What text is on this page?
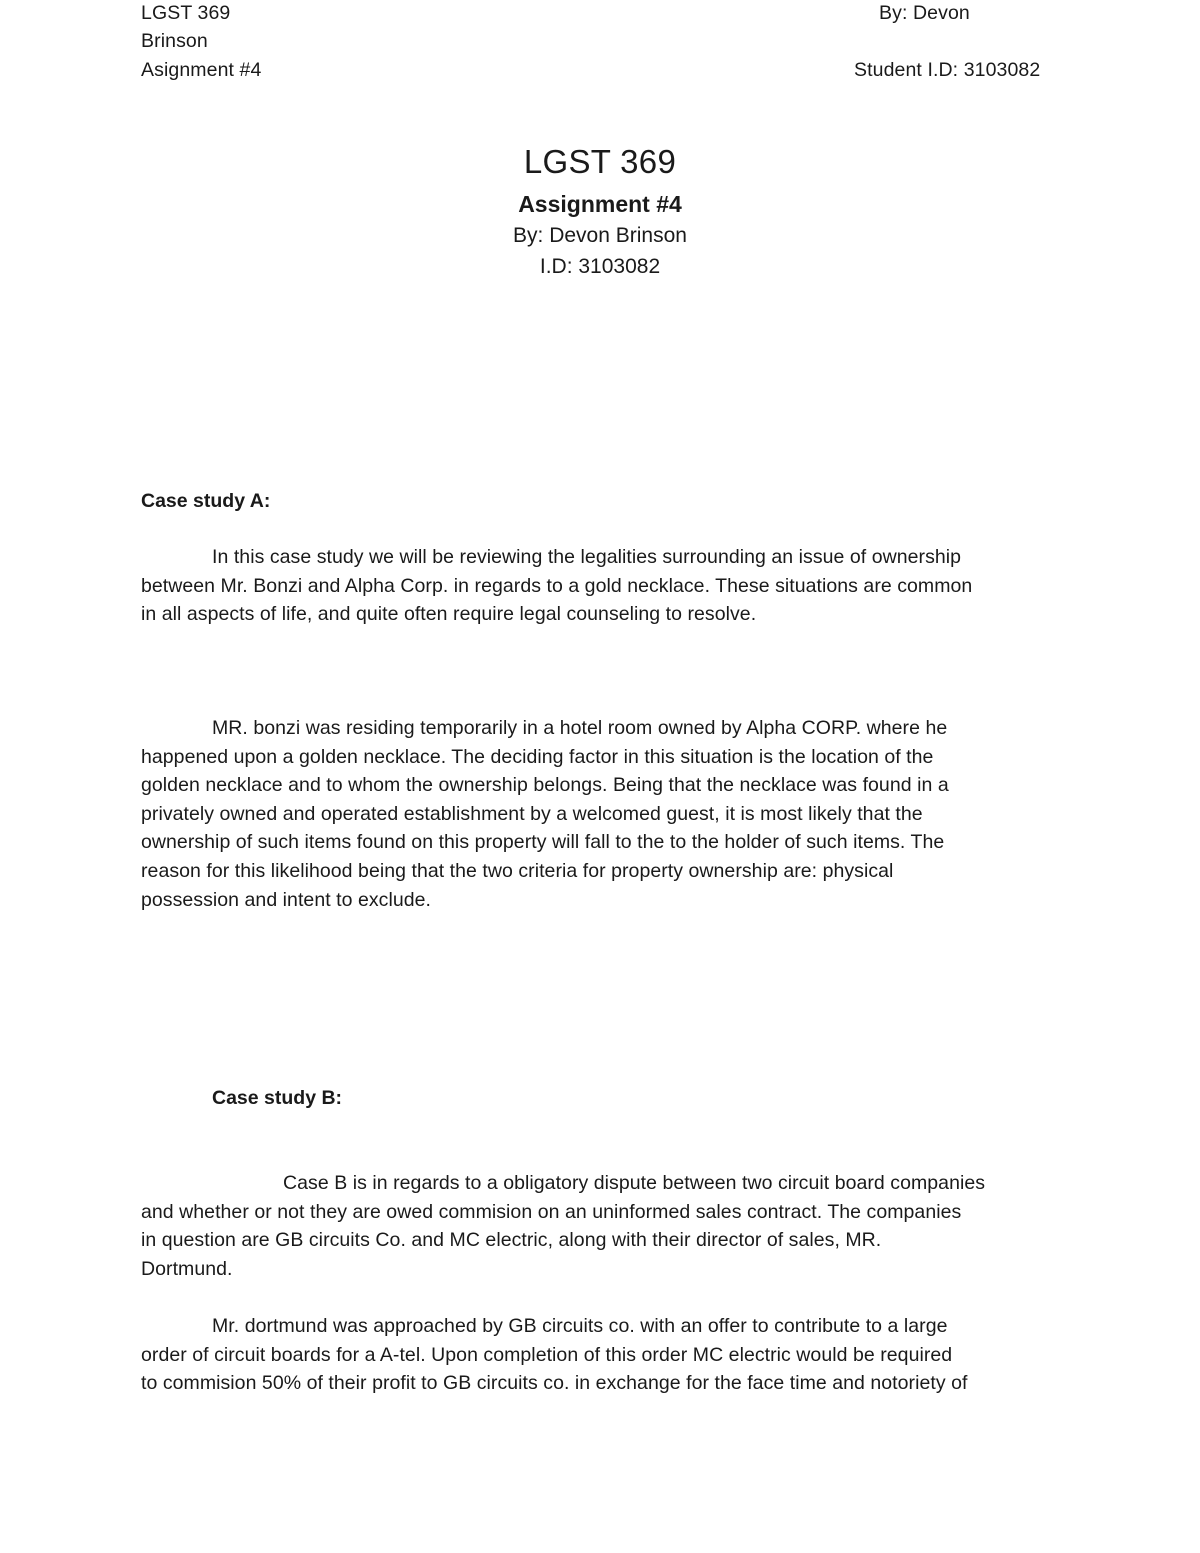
LGST 369	By: Devon
Brinson
Asignment #4	Student I.D: 3103082
LGST 369
Assignment #4
By: Devon Brinson
I.D: 3103082
Case study A:
In this case study we will be reviewing the legalities surrounding an issue of ownership
between Mr. Bonzi and Alpha Corp. in regards to a gold necklace. These situations are common
in all aspects of life, and quite often require legal counseling to resolve.
MR. bonzi was residing temporarily in a hotel room owned by Alpha CORP. where he
happened upon a golden necklace. The deciding factor in this situation is the location of the
golden necklace and to whom the ownership belongs. Being that the necklace was found in a
privately owned and operated establishment by a welcomed guest, it is most likely that the
ownership of such items found on this property will fall to the to the holder of such items. The
reason for this likelihood being that the two criteria for property ownership are: physical
possession and intent to exclude.
Case study B:
Case B is in regards to a obligatory dispute between two circuit board companies
and whether or not they are owed commision on an uninformed sales contract. The companies
in question are GB circuits Co. and MC electric, along with their director of sales, MR.
Dortmund.
Mr. dortmund was approached by GB circuits co. with an offer to contribute to a large
order of circuit boards for a A-tel. Upon completion of this order MC electric would be required
to commision 50% of their profit to GB circuits co. in exchange for the face time and notoriety of
